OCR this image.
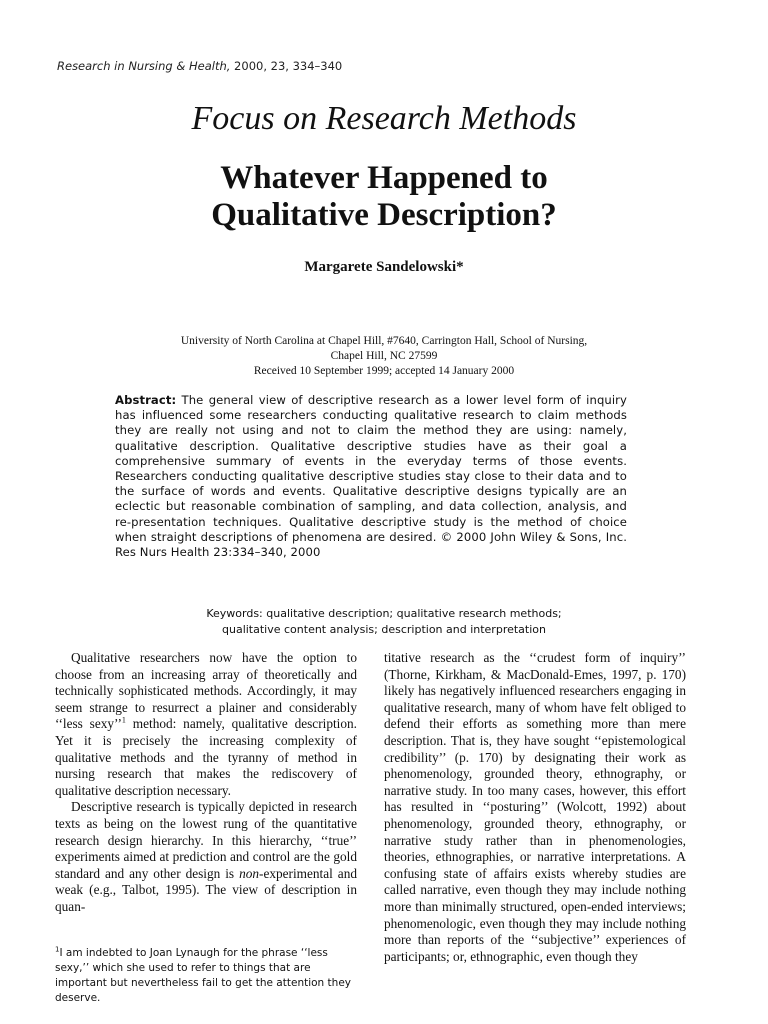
Research in Nursing & Health, 2000, 23, 334–340
Focus on Research Methods
Whatever Happened to
Qualitative Description?
Margarete Sandelowski*
University of North Carolina at Chapel Hill, #7640, Carrington Hall, School of Nursing,
Chapel Hill, NC 27599
Received 10 September 1999; accepted 14 January 2000
Abstract: The general view of descriptive research as a lower level form of inquiry has influenced some researchers conducting qualitative research to claim methods they are really not using and not to claim the method they are using: namely, qualitative description. Qualitative descriptive studies have as their goal a comprehensive summary of events in the everyday terms of those events. Researchers conducting qualitative descriptive studies stay close to their data and to the surface of words and events. Qualitative descriptive designs typically are an eclectic but reasonable combination of sampling, and data collection, analysis, and re-presentation techniques. Qualitative descriptive study is the method of choice when straight descriptions of phenomena are desired. © 2000 John Wiley & Sons, Inc. Res Nurs Health 23:334–340, 2000
Keywords: qualitative description; qualitative research methods;
qualitative content analysis; description and interpretation

Qualitative researchers now have the option to choose from an increasing array of theoretically and technically sophisticated methods. Accordingly, it may seem strange to resurrect a plainer and considerably ‘‘less sexy’’$^1$ method: namely, qualitative description. Yet it is precisely the increasing complexity of qualitative methods and the tyranny of method in nursing research that makes the rediscovery of qualitative description necessary.

Descriptive research is typically depicted in research texts as being on the lowest rung of the quantitative research design hierarchy. In this hierarchy, ‘‘true’’ experiments aimed at prediction and control are the gold standard and any other design is non-experimental and weak (e.g., Talbot, 1995). The view of description in quan-

titative research as the ‘‘crudest form of inquiry’’ (Thorne, Kirkham, & MacDonald-Emes, 1997, p. 170) likely has negatively influenced researchers engaging in qualitative research, many of whom have felt obliged to defend their efforts as something more than mere description. That is, they have sought ‘‘epistemological credibility’’ (p. 170) by designating their work as phenomenology, grounded theory, ethnography, or narrative study. In too many cases, however, this effort has resulted in ‘‘posturing’’ (Wolcott, 1992) about phenomenology, grounded theory, ethnography, or narrative study rather than in phenomenologies, theories, ethnographies, or narrative interpretations. A confusing state of affairs exists whereby studies are called narrative, even though they may include nothing more than minimally structured, open-ended interviews; phenomenologic, even though they may include nothing more than reports of the ‘‘subjective’’ experiences of participants; or, ethnographic, even though they

$^1$I am indebted to Joan Lynaugh for the phrase ‘‘less sexy,’’ which she used to refer to things that are important but nevertheless fail to get the attention they deserve.
